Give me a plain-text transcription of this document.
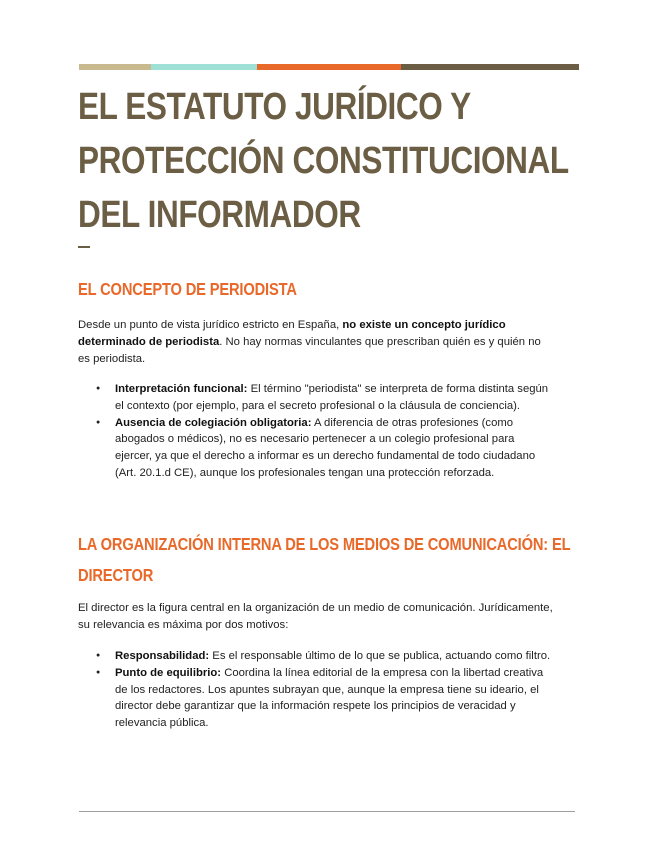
EL ESTATUTO JURÍDICO Y
PROTECCIÓN CONSTITUCIONAL
DEL INFORMADOR
EL CONCEPTO DE PERIODISTA

Desde un punto de vista jurídico estricto en España, no existe un concepto jurídico determinado de periodista. No hay normas vinculantes que prescriban quién es y quién no es periodista.

● Interpretación funcional: El término "periodista" se interpreta de forma distinta según el contexto (por ejemplo, para el secreto profesional o la cláusula de conciencia).
● Ausencia de colegiación obligatoria: A diferencia de otras profesiones (como abogados o médicos), no es necesario pertenecer a un colegio profesional para ejercer, ya que el derecho a informar es un derecho fundamental de todo ciudadano (Art. 20.1.d CE), aunque los profesionales tengan una protección reforzada.
LA ORGANIZACIÓN INTERNA DE LOS MEDIOS DE COMUNICACIÓN: EL
DIRECTOR

El director es la figura central en la organización de un medio de comunicación. Jurídicamente, su relevancia es máxima por dos motivos:

● Responsabilidad: Es el responsable último de lo que se publica, actuando como filtro.
● Punto de equilibrio: Coordina la línea editorial de la empresa con la libertad creativa de los redactores. Los apuntes subrayan que, aunque la empresa tiene su ideario, el director debe garantizar que la información respete los principios de veracidad y relevancia pública.
